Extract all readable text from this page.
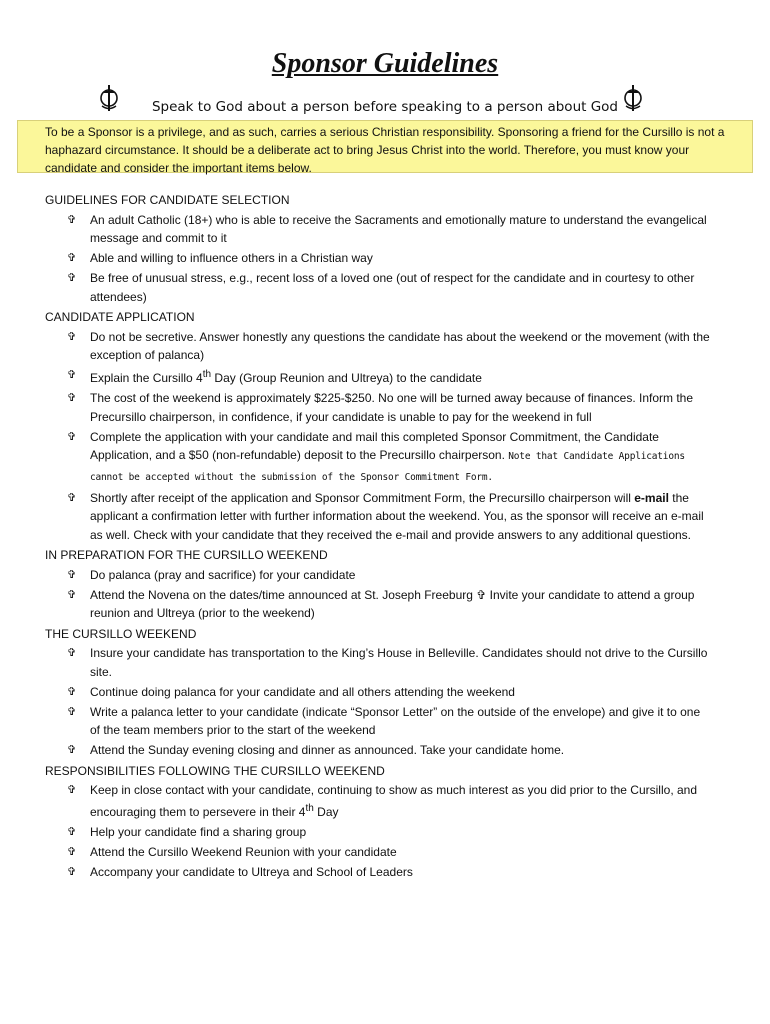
Sponsor Guidelines

Speak to God about a person before speaking to a person about God

To be a Sponsor is a privilege, and as such, carries a serious Christian responsibility. Sponsoring a friend for the Cursillo is not a haphazard circumstance. It should be a deliberate act to bring Jesus Christ into the world. Therefore, you must know your candidate and consider the important items below.

GUIDELINES FOR CANDIDATE SELECTION

✞ An adult Catholic (18+) who is able to receive the Sacraments and emotionally mature to understand the evangelical message and commit to it
✞ Able and willing to influence others in a Christian way
✞ Be free of unusual stress, e.g., recent loss of a loved one (out of respect for the candidate and in courtesy to other attendees)

CANDIDATE APPLICATION

✞ Do not be secretive. Answer honestly any questions the candidate has about the weekend or the movement (with the exception of palanca)
✞ Explain the Cursillo 4th Day (Group Reunion and Ultreya) to the candidate
✞ The cost of the weekend is approximately $225-$250. No one will be turned away because of finances. Inform the Precursillo chairperson, in confidence, if your candidate is unable to pay for the weekend in full
✞ Complete the application with your candidate and mail this completed Sponsor Commitment, the Candidate Application, and a $50 (non-refundable) deposit to the Precursillo chairperson. Note that Candidate Applications cannot be accepted without the submission of the Sponsor Commitment Form.
✞ Shortly after receipt of the application and Sponsor Commitment Form, the Precursillo chairperson will e-mail the applicant a confirmation letter with further information about the weekend. You, as the sponsor will receive an e-mail as well. Check with your candidate that they received the e-mail and provide answers to any additional questions.

IN PREPARATION FOR THE CURSILLO WEEKEND

✞ Do palanca (pray and sacrifice) for your candidate
✞ Attend the Novena on the dates/time announced at St. Joseph Freeburg ✞ Invite your candidate to attend a group reunion and Ultreya (prior to the weekend)

THE CURSILLO WEEKEND

✞ Insure your candidate has transportation to the King’s House in Belleville. Candidates should not drive to the Cursillo site.
✞ Continue doing palanca for your candidate and all others attending the weekend
✞ Write a palanca letter to your candidate (indicate “Sponsor Letter” on the outside of the envelope) and give it to one of the team members prior to the start of the weekend
✞ Attend the Sunday evening closing and dinner as announced. Take your candidate home.

RESPONSIBILITIES FOLLOWING THE CURSILLO WEEKEND

✞ Keep in close contact with your candidate, continuing to show as much interest as you did prior to the Cursillo, and encouraging them to persevere in their 4th Day
✞ Help your candidate find a sharing group
✞ Attend the Cursillo Weekend Reunion with your candidate
✞ Accompany your candidate to Ultreya and School of Leaders
